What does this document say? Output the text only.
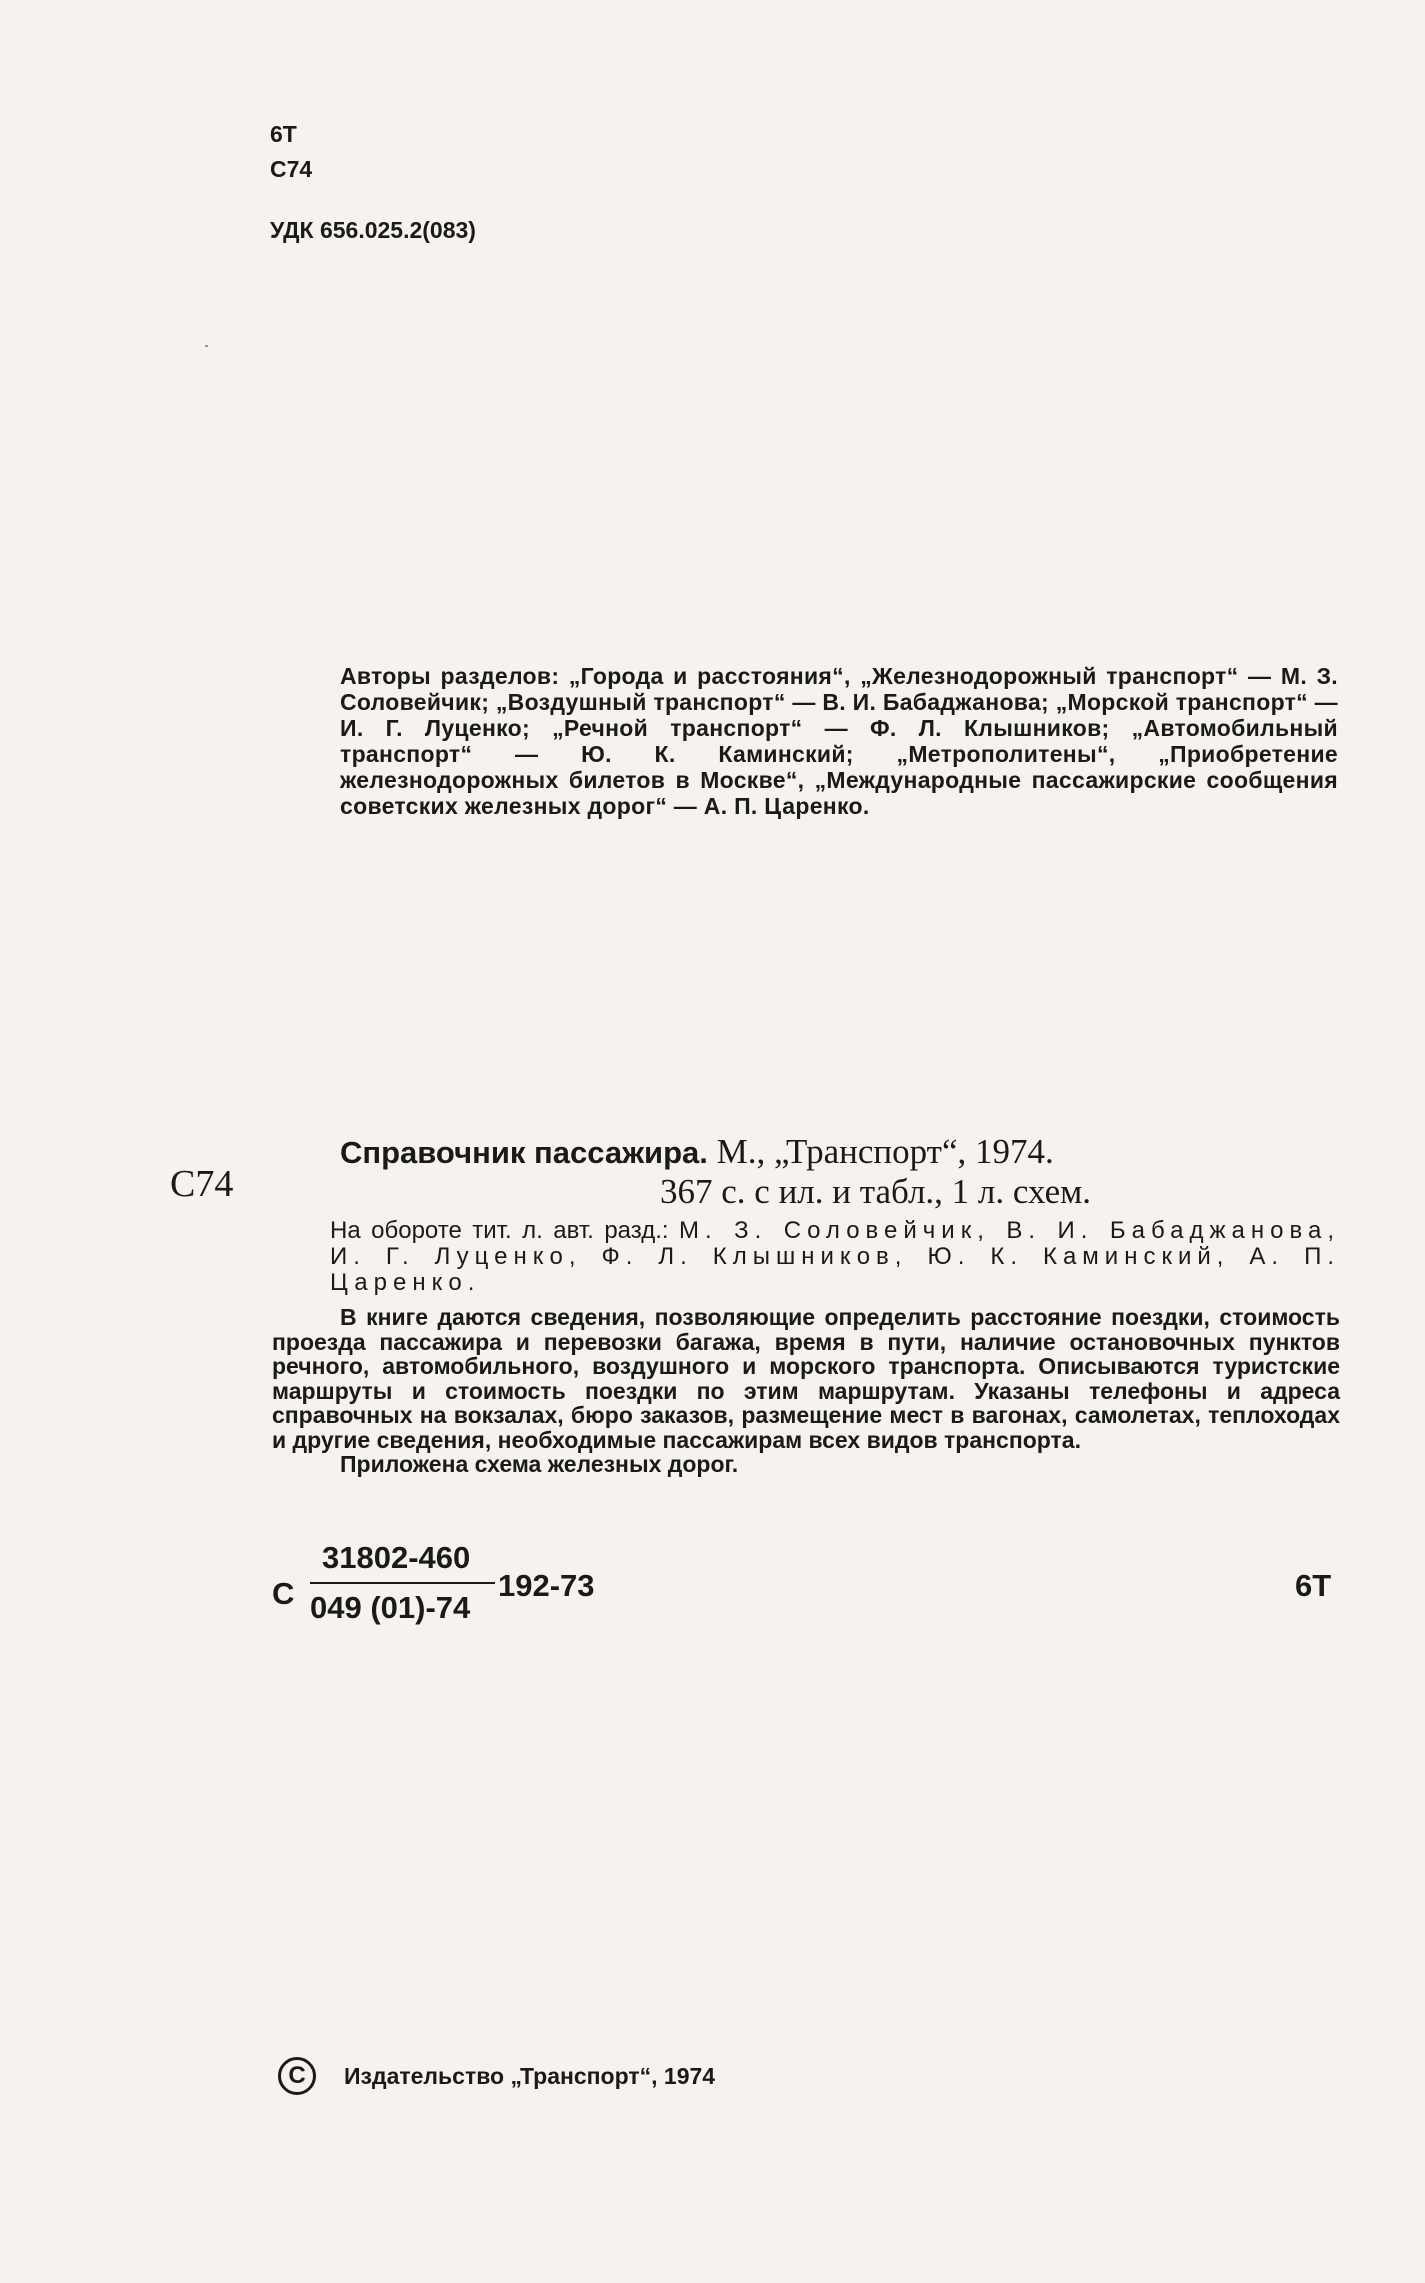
6Т
С74
УДК 656.025.2(083)

Авторы разделов: „Города и расстояния“, „Железнодорожный транспорт“ — М. З. Соловейчик; „Воздушный транспорт“ — В. И. Бабаджанова; „Морской транспорт“ — И. Г. Луценко; „Речной транспорт“ — Ф. Л. Клышников; „Автомобильный транспорт“ — Ю. К. Каминский; „Метрополитены“, „Приобретение железнодорожных билетов в Москве“, „Международные пассажирские сообщения советских железных дорог“ — А. П. Царенко.

С74
Справочник пассажира. М., „Транспорт“, 1974.
367 с. с ил. и табл., 1 л. схем.
На обороте тит. л. авт. разд.: М. З. Соловейчик, В. И. Бабаджанова, И. Г. Луценко, Ф. Л. Клышников, Ю. К. Каминский, А. П. Царенко.

В книге даются сведения, позволяющие определить расстояние поездки, стоимость проезда пассажира и перевозки багажа, время в пути, наличие остановочных пунктов речного, автомобильного, воздушного и морского транспорта. Описываются туристские маршруты и стоимость поездки по этим маршрутам. Указаны телефоны и адреса справочных на вокзалах, бюро заказов, размещение мест в вагонах, самолетах, теплоходах и другие сведения, необходимые пассажирам всех видов транспорта.

Приложена схема железных дорог.

С
31802-460
049 (01)-74
192-73	6Т
С	Издательство „Транспорт“, 1974
